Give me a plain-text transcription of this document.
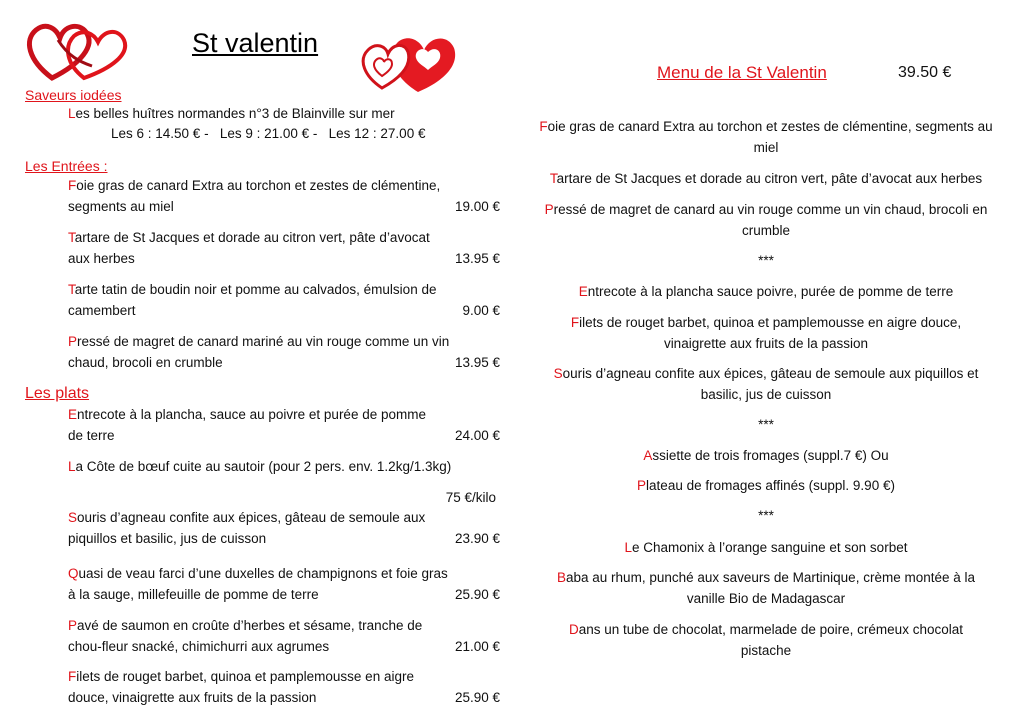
St valentin
Saveurs iodées
Les belles huîtres normandes n°3 de Blainville sur mer
Les 6 : 14.50 € -   Les 9 : 21.00 € -   Les 12 : 27.00 €
Les Entrées :
Foie gras de canard Extra au torchon et zestes de clémentine,
segments au miel	19.00 €
Tartare de St Jacques et dorade au citron vert, pâte d’avocat
aux herbes	13.95 €
Tarte tatin de boudin noir et pomme au calvados, émulsion de
camembert	9.00 €
Pressé de magret de canard mariné au vin rouge comme un vin
chaud, brocoli en crumble	13.95 €
Les plats
Entrecote à la plancha, sauce au poivre et purée de pomme
de terre	24.00 €
La Côte de bœuf cuite au sautoir (pour 2 pers. env. 1.2kg/1.3kg)
75 €/kilo
Souris d’agneau confite aux épices, gâteau de semoule aux
piquillos et basilic, jus de cuisson	23.90 €
Quasi de veau farci d’une duxelles de champignons et foie gras
à la sauge, millefeuille de pomme de terre	25.90 €
Pavé de saumon en croûte d’herbes et sésame, tranche de
chou-fleur snacké, chimichurri aux agrumes	21.00 €
Filets de rouget barbet, quinoa et pamplemousse en aigre
douce, vinaigrette aux fruits de la passion	25.90 €
Menu de la St Valentin	39.50 €
Foie gras de canard Extra au torchon et zestes de clémentine, segments au
miel
Tartare de St Jacques et dorade au citron vert, pâte d’avocat aux herbes
Pressé de magret de canard au vin rouge comme un vin chaud, brocoli en
crumble
***
Entrecote à la plancha sauce poivre, purée de pomme de terre
Filets de rouget barbet, quinoa et pamplemousse en aigre douce,
vinaigrette aux fruits de la passion
Souris d’agneau confite aux épices, gâteau de semoule aux piquillos et
basilic, jus de cuisson
***
Assiette de trois fromages (suppl.7 €) Ou
Plateau de fromages affinés (suppl. 9.90 €)
***
Le Chamonix à l’orange sanguine et son sorbet
Baba au rhum, punché aux saveurs de Martinique, crème montée à la
vanille Bio de Madagascar
Dans un tube de chocolat, marmelade de poire, crémeux chocolat
pistache
